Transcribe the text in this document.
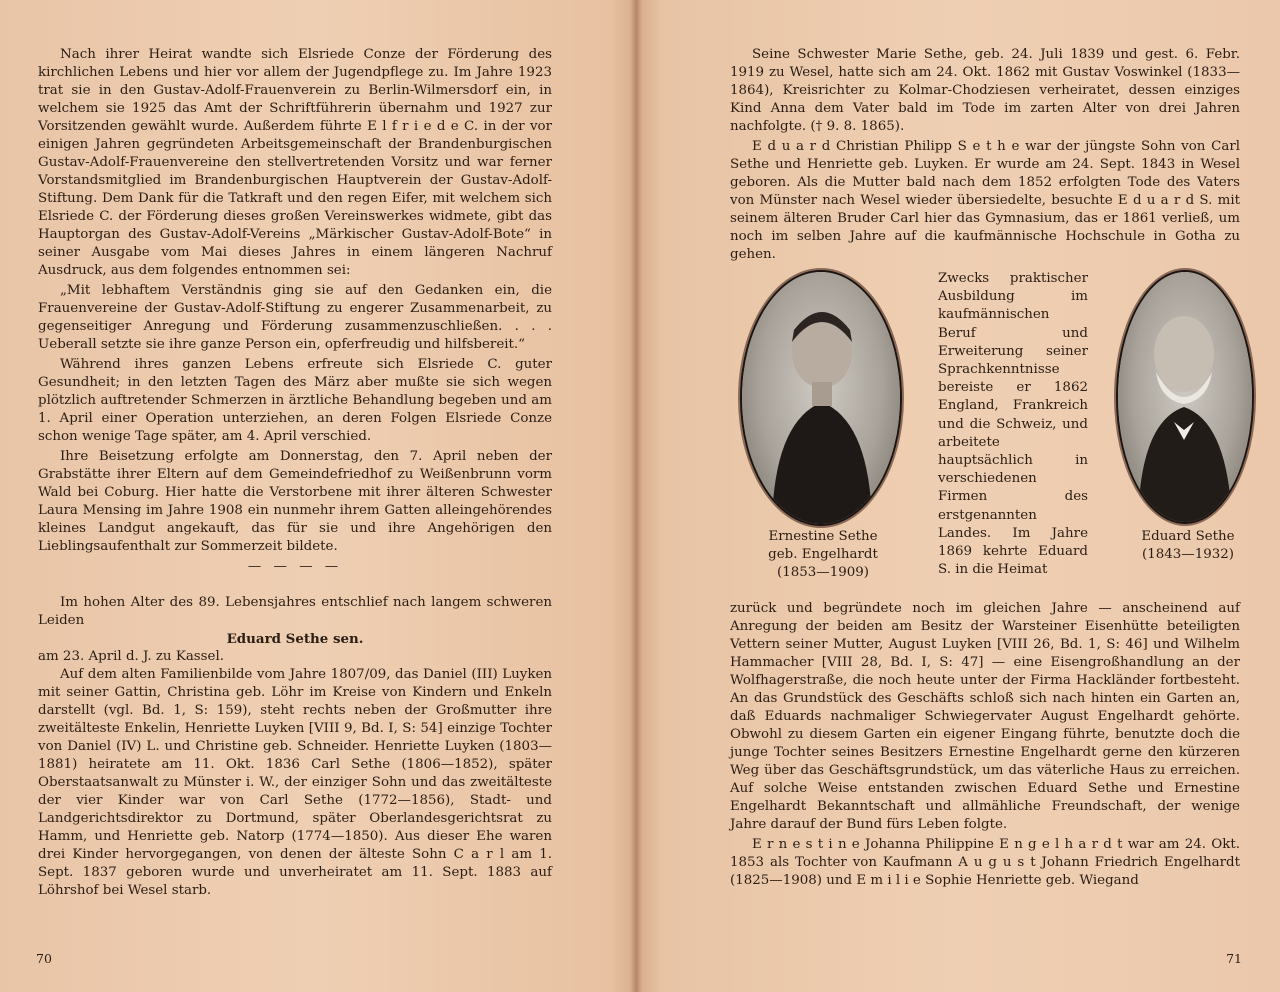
Nach ihrer Heirat wandte sich Elsriede Conze der Förderung des kirchlichen Lebens und hier vor allem der Jugendpflege zu. Im Jahre 1923 trat sie in den Gustav-Adolf-Frauenverein zu Berlin-Wilmersdorf ein, in welchem sie 1925 das Amt der Schriftführerin übernahm und 1927 zur Vorsitzenden gewählt wurde. Außerdem führte E l f r i e d e C. in der vor einigen Jahren gegründeten Arbeitsgemeinschaft der Brandenburgischen Gustav-Adolf-Frauenvereine den stellvertretenden Vorsitz und war ferner Vorstandsmitglied im Brandenburgischen Hauptverein der Gustav-Adolf-Stiftung. Dem Dank für die Tatkraft und den regen Eifer, mit welchem sich Elsriede C. der Förderung dieses großen Vereinswerkes widmete, gibt das Hauptorgan des Gustav-Adolf-Vereins „Märkischer Gustav-Adolf-Bote“ in seiner Ausgabe vom Mai dieses Jahres in einem längeren Nachruf Ausdruck, aus dem folgendes entnommen sei:

„Mit lebhaftem Verständnis ging sie auf den Gedanken ein, die Frauenvereine der Gustav-Adolf-Stiftung zu engerer Zusammenarbeit, zu gegenseitiger Anregung und Förderung zusammenzuschließen. . . . Ueberall setzte sie ihre ganze Person ein, opferfreudig und hilfsbereit.“

Während ihres ganzen Lebens erfreute sich Elsriede C. guter Gesundheit; in den letzten Tagen des März aber mußte sie sich wegen plötzlich auftretender Schmerzen in ärztliche Behandlung begeben und am 1. April einer Operation unterziehen, an deren Folgen Elsriede Conze schon wenige Tage später, am 4. April verschied.

Ihre Beisetzung erfolgte am Donnerstag, den 7. April neben der Grabstätte ihrer Eltern auf dem Gemeindefriedhof zu Weißenbrunn vorm Wald bei Coburg. Hier hatte die Verstorbene mit ihrer älteren Schwester Laura Mensing im Jahre 1908 ein nunmehr ihrem Gatten alleingehörendes kleines Landgut angekauft, das für sie und ihre Angehörigen den Lieblingsaufenthalt zur Sommerzeit bildete.

— — — —

Im hohen Alter des 89. Lebensjahres entschlief nach langem schweren Leiden

Eduard Sethe sen.

am 23. April d. J. zu Kassel.

Auf dem alten Familienbilde vom Jahre 1807/09, das Daniel (III) Luyken mit seiner Gattin, Christina geb. Löhr im Kreise von Kindern und Enkeln darstellt (vgl. Bd. 1, S: 159), steht rechts neben der Großmutter ihre zweitälteste Enkelin, Henriette Luyken [VIII 9, Bd. I, S: 54] einzige Tochter von Daniel (IV) L. und Christine geb. Schneider. Henriette Luyken (1803—1881) heiratete am 11. Okt. 1836 Carl Sethe (1806—1852), später Oberstaatsanwalt zu Münster i. W., der einziger Sohn und das zweitälteste der vier Kinder war von Carl Sethe (1772—1856), Stadt- und Landgerichtsdirektor zu Dortmund, später Oberlandesgerichtsrat zu Hamm, und Henriette geb. Natorp (1774—1850). Aus dieser Ehe waren drei Kinder hervorgegangen, von denen der älteste Sohn C a r l am 1. Sept. 1837 geboren wurde und unverheiratet am 11. Sept. 1883 auf Löhrshof bei Wesel starb.

70

Seine Schwester Marie Sethe, geb. 24. Juli 1839 und gest. 6. Febr. 1919 zu Wesel, hatte sich am 24. Okt. 1862 mit Gustav Voswinkel (1833—1864), Kreisrichter zu Kolmar-Chodziesen verheiratet, dessen einziges Kind Anna dem Vater bald im Tode im zarten Alter von drei Jahren nachfolgte. († 9. 8. 1865).

E d u a r d Christian Philipp S e t h e war der jüngste Sohn von Carl Sethe und Henriette geb. Luyken. Er wurde am 24. Sept. 1843 in Wesel geboren. Als die Mutter bald nach dem 1852 erfolgten Tode des Vaters von Münster nach Wesel wieder übersiedelte, besuchte E d u a r d S. mit seinem älteren Bruder Carl hier das Gymnasium, das er 1861 verließ, um noch im selben Jahre auf die kaufmännische Hochschule in Gotha zu gehen.

Zwecks praktischer Ausbildung im kaufmännischen Beruf und Erweiterung seiner Sprachkenntnisse bereiste er 1862 England, Frankreich und die Schweiz, und arbeitete hauptsächlich in verschiedenen Firmen des erstgenannten Landes. Im Jahre 1869 kehrte Eduard S. in die Heimat
Ernestine Sethe
geb. Engelhardt
(1853—1909)
Eduard Sethe
(1843—1932)

zurück und begründete noch im gleichen Jahre — anscheinend auf Anregung der beiden am Besitz der Warsteiner Eisenhütte beteiligten Vettern seiner Mutter, August Luyken [VIII 26, Bd. 1, S: 46] und Wilhelm Hammacher [VIII 28, Bd. I, S: 47] — eine Eisengroßhandlung an der Wolfhagerstraße, die noch heute unter der Firma Hackländer fortbesteht. An das Grundstück des Geschäfts schloß sich nach hinten ein Garten an, daß Eduards nachmaliger Schwiegervater August Engelhardt gehörte. Obwohl zu diesem Garten ein eigener Eingang führte, benutzte doch die junge Tochter seines Besitzers Ernestine Engelhardt gerne den kürzeren Weg über das Geschäftsgrundstück, um das väterliche Haus zu erreichen. Auf solche Weise entstanden zwischen Eduard Sethe und Ernestine Engelhardt Bekanntschaft und allmähliche Freundschaft, der wenige Jahre darauf der Bund fürs Leben folgte.

E r n e s t i n e Johanna Philippine E n g e l h a r d t war am 24. Okt. 1853 als Tochter von Kaufmann A u g u s t Johann Friedrich Engelhardt (1825—1908) und E m i l i e Sophie Henriette geb. Wiegand

71
